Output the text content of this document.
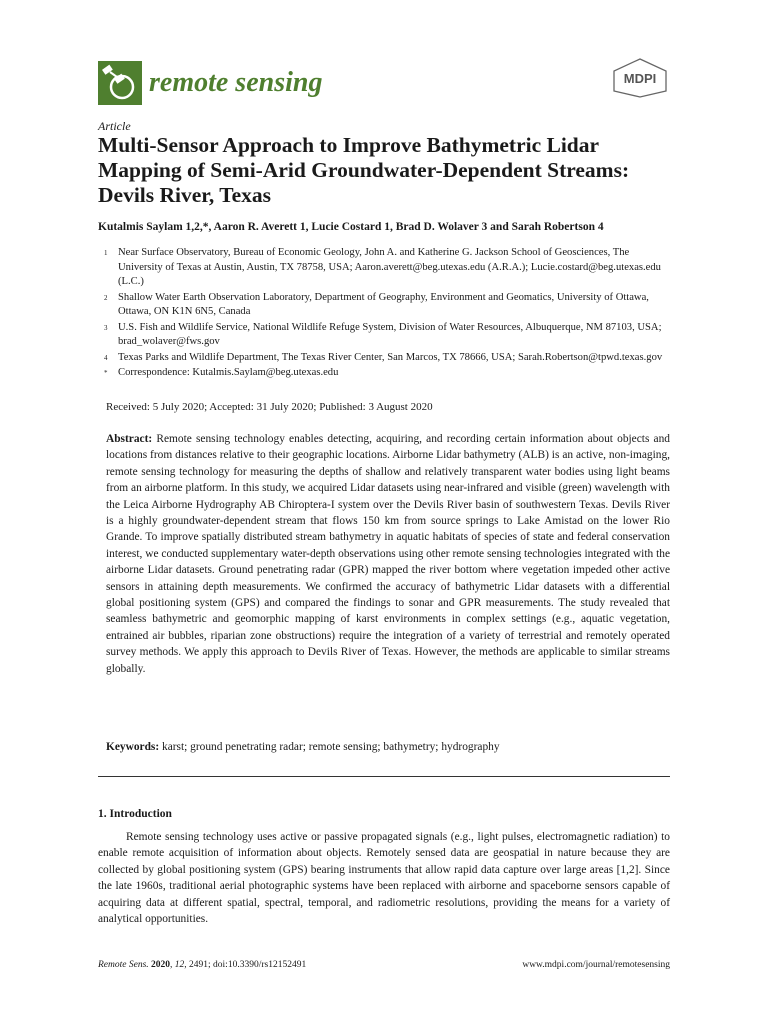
remote sensing	MDPI
Article
Multi-Sensor Approach to Improve Bathymetric Lidar Mapping of Semi-Arid Groundwater-Dependent Streams: Devils River, Texas
Kutalmis Saylam 1,2,*, Aaron R. Averett 1, Lucie Costard 1, Brad D. Wolaver 3 and Sarah Robertson 4
1 Near Surface Observatory, Bureau of Economic Geology, John A. and Katherine G. Jackson School of Geosciences, The University of Texas at Austin, Austin, TX 78758, USA; Aaron.averett@beg.utexas.edu (A.R.A.); Lucie.costard@beg.utexas.edu (L.C.)
2 Shallow Water Earth Observation Laboratory, Department of Geography, Environment and Geomatics, University of Ottawa, Ottawa, ON K1N 6N5, Canada
3 U.S. Fish and Wildlife Service, National Wildlife Refuge System, Division of Water Resources, Albuquerque, NM 87103, USA; brad_wolaver@fws.gov
4 Texas Parks and Wildlife Department, The Texas River Center, San Marcos, TX 78666, USA; Sarah.Robertson@tpwd.texas.gov
* Correspondence: Kutalmis.Saylam@beg.utexas.edu
Received: 5 July 2020; Accepted: 31 July 2020; Published: 3 August 2020

Abstract: Remote sensing technology enables detecting, acquiring, and recording certain information about objects and locations from distances relative to their geographic locations. Airborne Lidar bathymetry (ALB) is an active, non-imaging, remote sensing technology for measuring the depths of shallow and relatively transparent water bodies using light beams from an airborne platform. In this study, we acquired Lidar datasets using near-infrared and visible (green) wavelength with the Leica Airborne Hydrography AB Chiroptera-I system over the Devils River basin of southwestern Texas. Devils River is a highly groundwater-dependent stream that flows 150 km from source springs to Lake Amistad on the lower Rio Grande. To improve spatially distributed stream bathymetry in aquatic habitats of species of state and federal conservation interest, we conducted supplementary water-depth observations using other remote sensing technologies integrated with the airborne Lidar datasets. Ground penetrating radar (GPR) mapped the river bottom where vegetation impeded other active sensors in attaining depth measurements. We confirmed the accuracy of bathymetric Lidar datasets with a differential global positioning system (GPS) and compared the findings to sonar and GPR measurements. The study revealed that seamless bathymetric and geomorphic mapping of karst environments in complex settings (e.g., aquatic vegetation, entrained air bubbles, riparian zone obstructions) require the integration of a variety of terrestrial and remotely operated survey methods. We apply this approach to Devils River of Texas. However, the methods are applicable to similar streams globally.

Keywords: karst; ground penetrating radar; remote sensing; bathymetry; hydrography
1. Introduction

Remote sensing technology uses active or passive propagated signals (e.g., light pulses, electromagnetic radiation) to enable remote acquisition of information about objects. Remotely sensed data are geospatial in nature because they are collected by global positioning system (GPS) bearing instruments that allow rapid data capture over large areas [1,2]. Since the late 1960s, traditional aerial photographic systems have been replaced with airborne and spaceborne sensors capable of acquiring data at different spatial, spectral, temporal, and radiometric resolutions, providing the means for a variety of analytical opportunities.

Remote Sens. 2020, 12, 2491; doi:10.3390/rs12152491	www.mdpi.com/journal/remotesensing
